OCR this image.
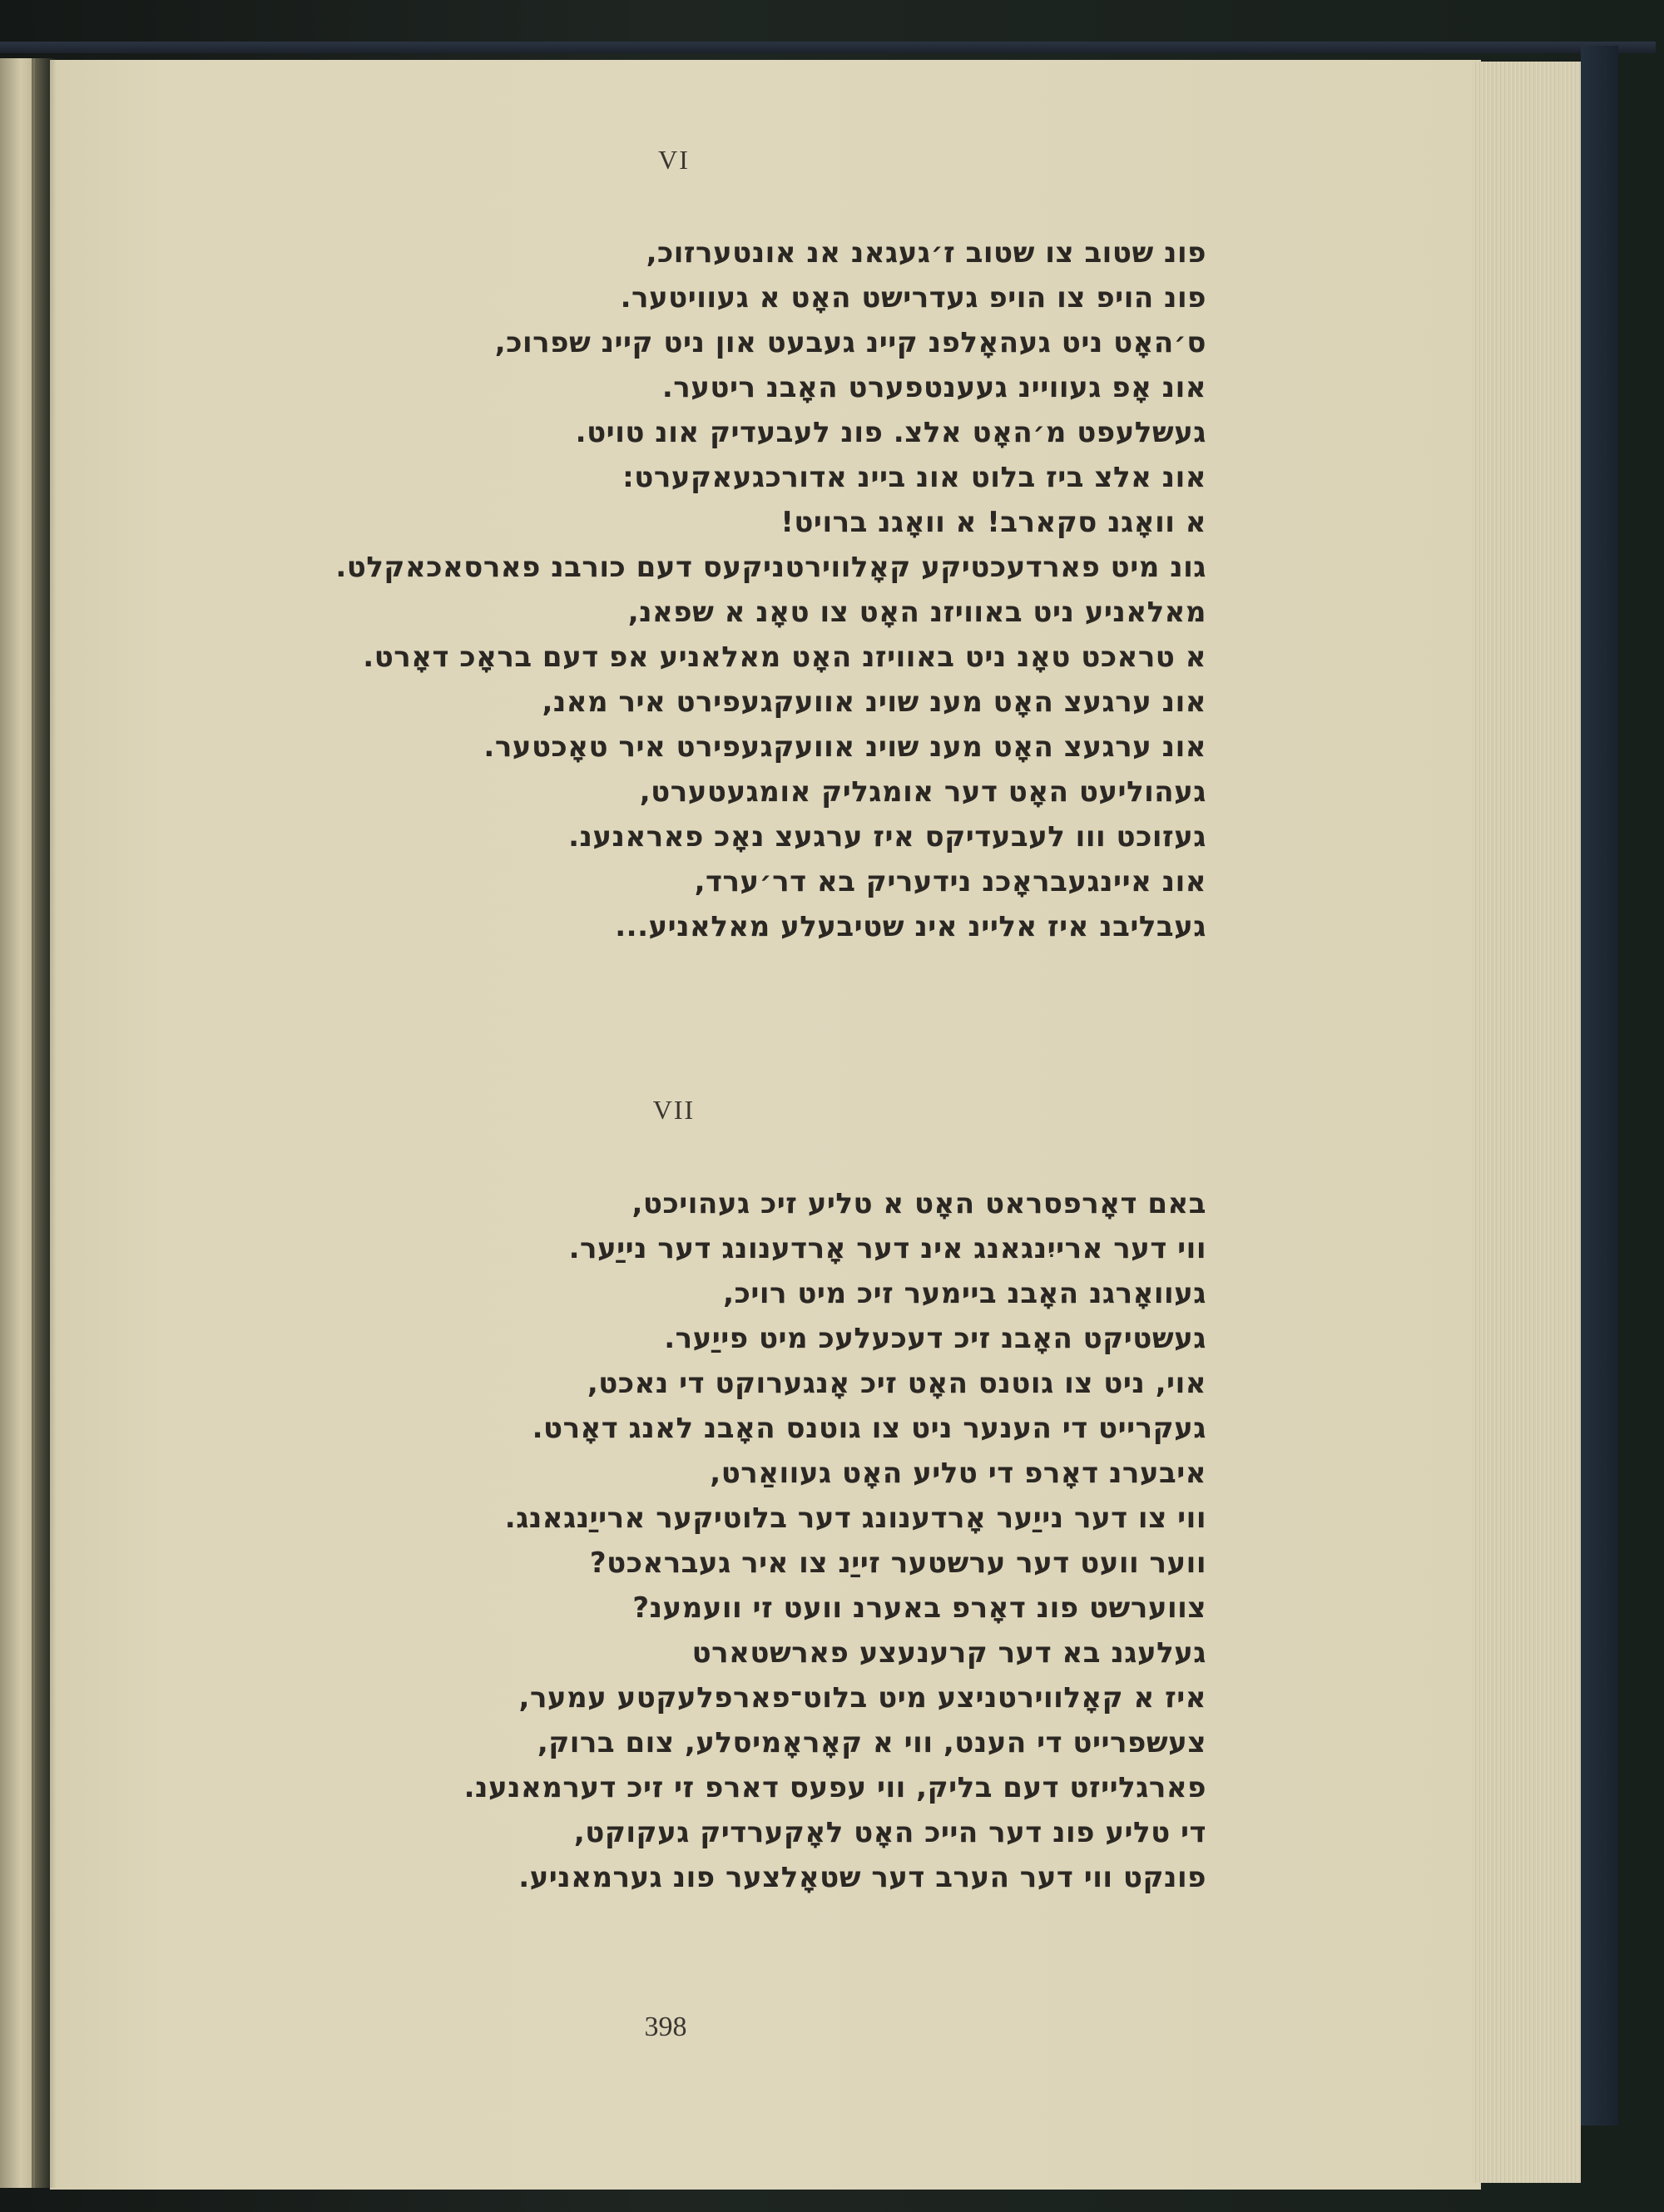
VI
פונ שטוב צו שטוב ז׳געגאנ אנ אונטערזוכ,
פונ הויפ צו הויפ געדרישט האָט א געוויטער.
ס׳האָט ניט געהאָלפנ קיינ געבעט און ניט קיינ שפרוכ,
אונ אָפ געוויינ געענטפערט האָבנ ריטער.
געשלעפט מ׳האָט אלצ. פונ לעבעדיק אונ טויט.
אונ אלצ ביז בלוט אונ ביינ אדורכגעאקערט:
א וואָגנ סקארב! א וואָגנ ברויט!
גונ מיט פארדעכטיקע קאָלווירטניקעס דעם כורבנ פארסאכאקלט.
מאלאניע ניט באוויזנ האָט צו טאָנ א שפאנ,
א טראכט טאָנ ניט באוויזנ האָט מאלאניע אפ דעם בראָכ דאָרט.
אונ ערגעצ האָט מענ שוינ אוועקגעפירט איר מאנ,
אונ ערגעצ האָט מענ שוינ אוועקגעפירט איר טאָכטער.
געהוליעט האָט דער אומגליק אומגעטערט,
געזוכט ווו לעבעדיקס איז ערגעצ נאָכ פאראנענ.
אונ איינגעבראָכנ נידעריק בא דר׳ערד,
געבליבנ איז אליינ אינ שטיבעלע מאלאניע...
VII
באם דאָרפסראט האָט א טליע זיכ געהויכט,
ווי דער ארייִנגאנג אינ דער אָרדענונג דער נייַער.
געוואָרגנ האָבנ ביימער זיכ מיט רויכ,
געשטיקט האָבנ זיכ דעכעלעכ מיט פייַער.
אוי, ניט צו גוטנס האָט זיכ אָנגערוקט די נאכט,
געקרייט די הענער ניט צו גוטנס האָבנ לאנג דאָרט.
איבערנ דאָרפ די טליע האָט געוואַרט,
ווי צו דער נייַער אָרדענונג דער בלוטיקער ארייַנגאנג.
ווער וועט דער ערשטער זייַנ צו איר געבראכט?
צווערשט פונ דאָרפ באערנ וועט זי וועמענ?
געלעגנ בא דער קרענעצע פארשטארט
איז א קאָלווירטניצע מיט בלוט־פארפלעקטע עמער,
צעשפרייט די הענט, ווי א קאָראָמיסלע, צום ברוק,
פארגלייזט דעם בליק, ווי עפעס דארפ זי זיכ דערמאנענ.
די טליע פונ דער הייכ האָט לאָקערדיק געקוקט,
פונקט ווי דער הערב דער שטאָלצער פונ גערמאניע.
398
